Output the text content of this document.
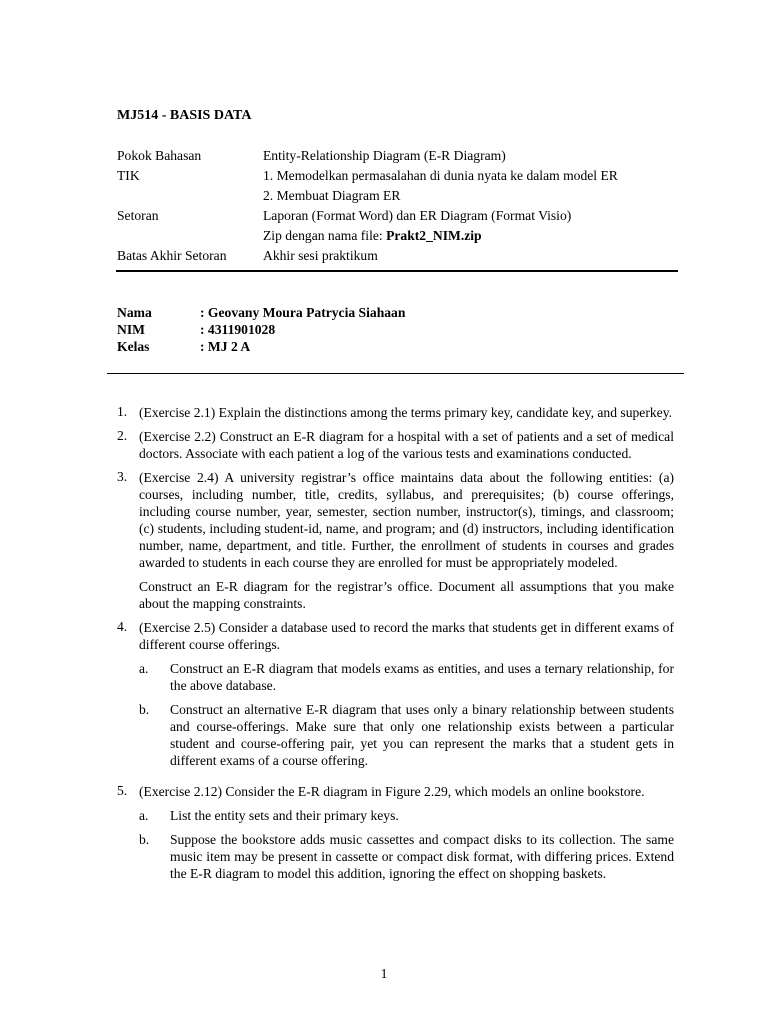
MJ514 - BASIS DATA
Pokok Bahasan	Entity-Relationship Diagram (E-R Diagram)
TIK	1. Memodelkan permasalahan di dunia nyata ke dalam model ER
	2. Membuat Diagram ER
Setoran	Laporan (Format Word) dan ER Diagram (Format Visio)
	Zip dengan nama file: Prakt2_NIM.zip
Batas Akhir Setoran	Akhir sesi praktikum
Nama	: Geovany Moura Patrycia Siahaan
NIM	: 4311901028
Kelas	: MJ 2 A
1. (Exercise 2.1) Explain the distinctions among the terms primary key, candidate key, and superkey.

2. (Exercise 2.2) Construct an E-R diagram for a hospital with a set of patients and a set of medical doctors. Associate with each patient a log of the various tests and examinations conducted.

3. (Exercise 2.4) A university registrar’s office maintains data about the following entities: (a) courses, including number, title, credits, syllabus, and prerequisites; (b) course offerings, including course number, year, semester, section number, instructor(s), timings, and classroom; (c) students, including student-id, name, and program; and (d) instructors, including identification number, name, department, and title. Further, the enrollment of students in courses and grades awarded to students in each course they are enrolled for must be appropriately modeled.

Construct an E-R diagram for the registrar’s office. Document all assumptions that you make about the mapping constraints.

4. (Exercise 2.5) Consider a database used to record the marks that students get in different exams of different course offerings.

a.	Construct an E-R diagram that models exams as entities, and uses a ternary relationship, for the above database.
b.	Construct an alternative E-R diagram that uses only a binary relationship between students and course-offerings. Make sure that only one relationship exists between a particular student and course-offering pair, yet you can represent the marks that a student gets in different exams of a course offering.
5. (Exercise 2.12) Consider the E-R diagram in Figure 2.29, which models an online bookstore.

a.	List the entity sets and their primary keys.
b.	Suppose the bookstore adds music cassettes and compact disks to its collection. The same music item may be present in cassette or compact disk format, with differing prices. Extend the E-R diagram to model this addition, ignoring the effect on shopping baskets.
1
